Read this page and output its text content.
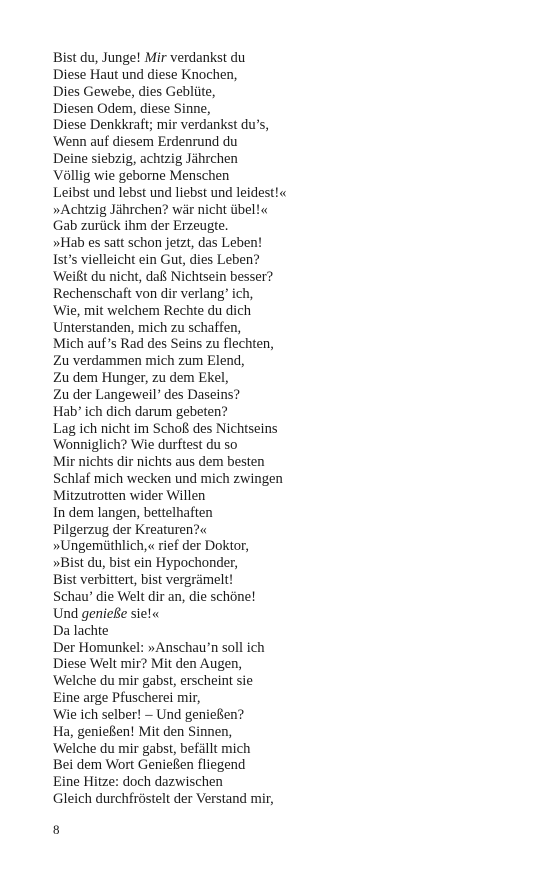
Bist du, Junge! Mir verdankst du
Diese Haut und diese Knochen,
Dies Gewebe, dies Geblüte,
Diesen Odem, diese Sinne,
Diese Denkkraft; mir verdankst du’s,
Wenn auf diesem Erdenrund du
Deine siebzig, achtzig Jährchen
Völlig wie geborne Menschen
Leibst und lebst und liebst und leidest!«
»Achtzig Jährchen? wär nicht übel!«
Gab zurück ihm der Erzeugte.
»Hab es satt schon jetzt, das Leben!
Ist’s vielleicht ein Gut, dies Leben?
Weißt du nicht, daß Nichtsein besser?
Rechenschaft von dir verlang’ ich,
Wie, mit welchem Rechte du dich
Unterstanden, mich zu schaffen,
Mich auf’s Rad des Seins zu flechten,
Zu verdammen mich zum Elend,
Zu dem Hunger, zu dem Ekel,
Zu der Langeweil’ des Daseins?
Hab’ ich dich darum gebeten?
Lag ich nicht im Schoß des Nichtseins
Wonniglich? Wie durftest du so
Mir nichts dir nichts aus dem besten
Schlaf mich wecken und mich zwingen
Mitzutrotten wider Willen
In dem langen, bettelhaften
Pilgerzug der Kreaturen?«
»Ungemüthlich,« rief der Doktor,
»Bist du, bist ein Hypochonder,
Bist verbittert, bist vergrämelt!
Schau’ die Welt dir an, die schöne!
Und genieße sie!«
Da lachte
Der Homunkel: »Anschau’n soll ich
Diese Welt mir? Mit den Augen,
Welche du mir gabst, erscheint sie
Eine arge Pfuscherei mir,
Wie ich selber! – Und genießen?
Ha, genießen! Mit den Sinnen,
Welche du mir gabst, befällt mich
Bei dem Wort Genießen fliegend
Eine Hitze: doch dazwischen
Gleich durchfröstelt der Verstand mir,
8
